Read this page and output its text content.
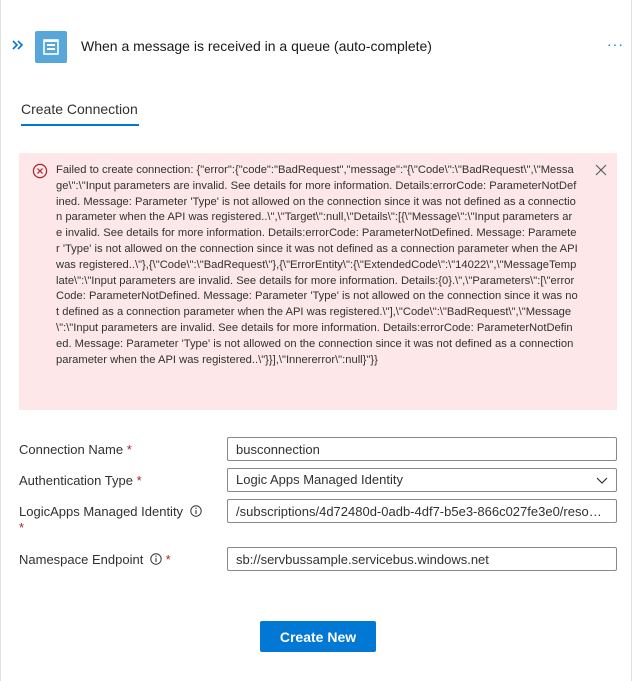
When a message is received in a queue (auto-complete)	···
Create Connection
Failed to create connection: {"error":{"code":"BadRequest","message":"{\"Code\":\"BadRequest\",\"Message\":\"Input parameters are invalid. See details for more information. Details:errorCode: ParameterNotDefined. Message: Parameter 'Type' is not allowed on the connection since it was not defined as a connection parameter when the API was registered..\",\"Target\":null,\"Details\":[{\"Message\":\"Input parameters are invalid. See details for more information. Details:errorCode: ParameterNotDefined. Message: Parameter 'Type' is not allowed on the connection since it was not defined as a connection parameter when the API was registered..\"},{\"Code\":\"BadRequest\"},{\"ErrorEntity\":{\"ExtendedCode\":\"14022\",\"MessageTemplate\":\"Input parameters are invalid. See details for more information. Details:{0}.\",\"Parameters\":[\"errorCode: ParameterNotDefined. Message: Parameter 'Type' is not allowed on the connection since it was not defined as a connection parameter when the API was registered.\"],\"Code\":\"BadRequest\",\"Message\":\"Input parameters are invalid. See details for more information. Details:errorCode: ParameterNotDefined. Message: Parameter 'Type' is not allowed on the connection since it was not defined as a connection parameter when the API was registered..\"}}],\"Innererror\":null}"}}
Connection Name *
busconnection
Authentication Type *	Logic Apps Managed Identity
LogicApps Managed Identity
*
/subscriptions/4d72480d-0adb-4df7-b5e3-866c027fe3e0/resourceGroups/servbussample/providers/Microsoft.ManagedIdentity
Namespace Endpoint *
sb://servbussample.servicebus.windows.net
Create New
